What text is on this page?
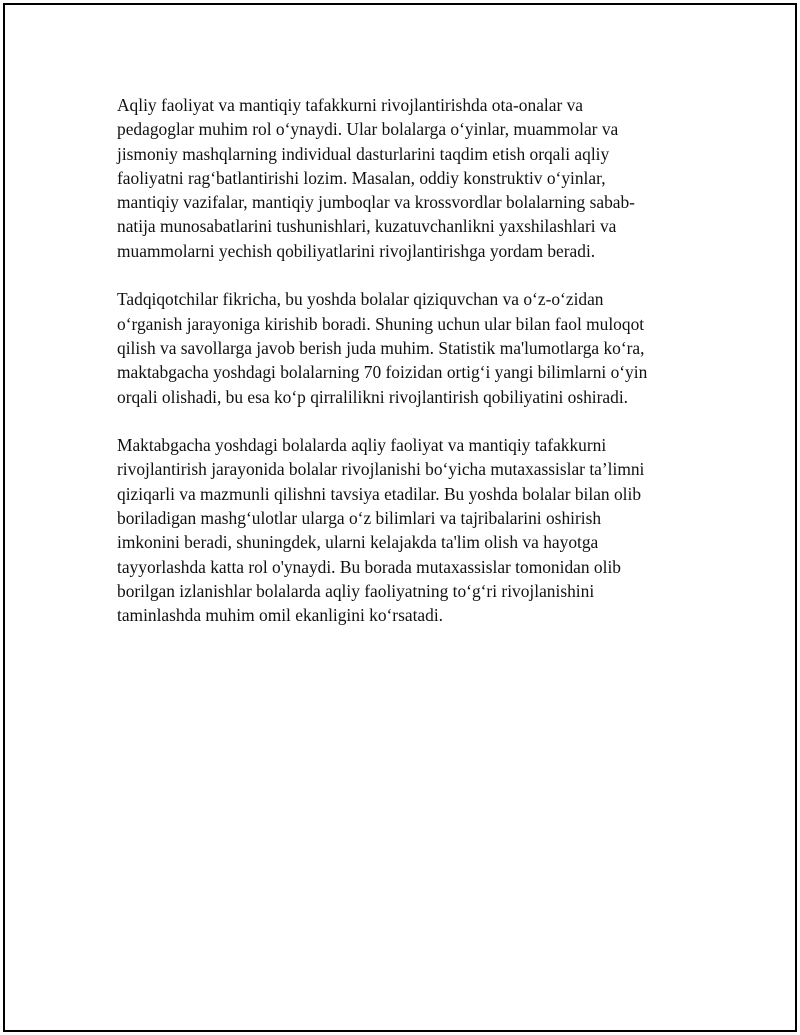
Aqliy faoliyat va mantiqiy tafakkurni rivojlantirishda ota-onalar va
pedagoglar muhim rol o‘ynaydi. Ular bolalarga o‘yinlar, muammolar va
jismoniy mashqlarning individual dasturlarini taqdim etish orqali aqliy
faoliyatni rag‘batlantirishi lozim. Masalan, oddiy konstruktiv o‘yinlar,
mantiqiy vazifalar, mantiqiy jumboqlar va krossvordlar bolalarning sabab-
natija munosabatlarini tushunishlari, kuzatuvchanlikni yaxshilashlari va
muammolarni yechish qobiliyatlarini rivojlantirishga yordam beradi.

Tadqiqotchilar fikricha, bu yoshda bolalar qiziquvchan va o‘z-o‘zidan
o‘rganish jarayoniga kirishib boradi. Shuning uchun ular bilan faol muloqot
qilish va savollarga javob berish juda muhim. Statistik ma'lumotlarga ko‘ra,
maktabgacha yoshdagi bolalarning 70 foizidan ortig‘i yangi bilimlarni o‘yin
orqali olishadi, bu esa ko‘p qirralilikni rivojlantirish qobiliyatini oshiradi.

Maktabgacha yoshdagi bolalarda aqliy faoliyat va mantiqiy tafakkurni
rivojlantirish jarayonida bolalar rivojlanishi bo‘yicha mutaxassislar ta’limni
qiziqarli va mazmunli qilishni tavsiya etadilar. Bu yoshda bolalar bilan olib
boriladigan mashg‘ulotlar ularga o‘z bilimlari va tajribalarini oshirish
imkonini beradi, shuningdek, ularni kelajakda ta'lim olish va hayotga
tayyorlashda katta rol o'ynaydi. Bu borada mutaxassislar tomonidan olib
borilgan izlanishlar bolalarda aqliy faoliyatning to‘g‘ri rivojlanishini
taminlashda muhim omil ekanligini ko‘rsatadi.
